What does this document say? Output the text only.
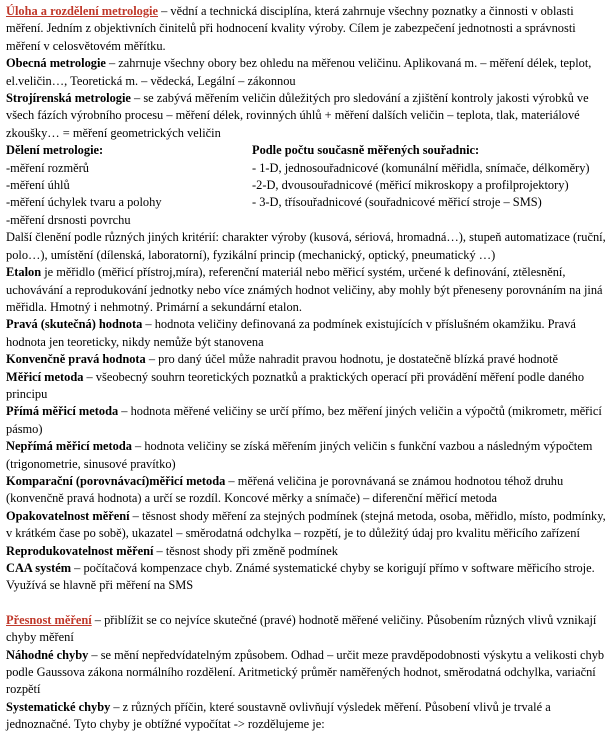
Úloha a rozdělení metrologie – vědní a technická disciplína, která zahrnuje všechny poznatky a činnosti v oblasti měření. Jedním z objektivních činitelů při hodnocení kvality výroby. Cílem je zabezpečení jednotnosti a správnosti měření v celosvětovém měřítku.

Obecná metrologie – zahrnuje všechny obory bez ohledu na měřenou veličinu. Aplikovaná m. – měření délek, teplot, el.veličin…, Teoretická m. – vědecká, Legální – zákonnou

Strojírenská metrologie – se zabývá měřením veličin důležitých pro sledování a zjištění kontroly jakosti výrobků ve všech fázích výrobního procesu – měření délek, rovinných úhlů + měření dalších veličin – teplota, tlak, materiálové zkoušky… = měření geometrických veličin

Dělení metrologie:

-měření rozměrů

-měření úhlů

-měření úchylek tvaru a polohy

-měření drsnosti povrchu

Podle počtu současně měřených souřadnic:

- 1-D, jednosouřadnicové (komunální měřidla, snímače, délkoměry)

-2-D, dvousouřadnicové (měřicí mikroskopy a profilprojektory)

- 3-D, třísouřadnicové (souřadnicové měřicí stroje – SMS)

Další členění podle různých jiných kritérií: charakter výroby (kusová, sériová, hromadná…), stupeň automatizace (ruční, polo…), umístění (dílenská, laboratorní), fyzikální princip (mechanický, optický, pneumatický …)

Etalon je měřidlo (měřicí přístroj,míra), referenční materiál nebo měřicí systém, určené k definování, ztělesnění, uchovávání a reprodukování jednotky nebo více známých hodnot veličiny, aby mohly být přeneseny porovnáním na jiná měřidla. Hmotný i nehmotný. Primární a sekundární etalon.

Pravá (skutečná) hodnota – hodnota veličiny definovaná za podmínek existujících v příslušném okamžiku. Pravá hodnota jen teoreticky, nikdy nemůže být stanovena

Konvenčně pravá hodnota – pro daný účel může nahradit pravou hodnotu, je dostatečně blízká pravé hodnotě

Měřicí metoda – všeobecný souhrn teoretických poznatků a praktických operací při provádění měření podle daného principu

Přímá měřicí metoda – hodnota měřené veličiny se určí přímo, bez měření jiných veličin a výpočtů (mikrometr, měřicí pásmo)

Nepřímá měřicí metoda – hodnota veličiny se získá měřením jiných veličin s funkční vazbou a následným výpočtem (trigonometrie, sinusové pravítko)

Komparační (porovnávací)měřicí metoda – měřená veličina je porovnávaná se známou hodnotou téhož druhu (konvenčně pravá hodnota) a určí se rozdíl. Koncové měrky a snímače) – diferenční měřicí metoda

Opakovatelnost měření – těsnost shody měření za stejných podmínek (stejná metoda, osoba, měřidlo, místo, podmínky, v krátkém čase po sobě), ukazatel – směrodatná odchylka – rozpětí, je to důležitý údaj pro kvalitu měřicího zařízení

Reprodukovatelnost měření – těsnost shody při změně podmínek

CAA systém – počítačová kompenzace chyb. Známé systematické chyby se korigují přímo v software měřicího stroje. Využívá se hlavně při měření na SMS

Přesnost měření – přiblížit se co nejvíce skutečné (pravé) hodnotě měřené veličiny. Působením různých vlivů vznikají chyby měření

Náhodné chyby – se mění nepředvídatelným způsobem. Odhad – určit meze pravděpodobnosti výskytu a velikosti chyb podle Gaussova zákona normálního rozdělení. Aritmetický průměr naměřených hodnot, směrodatná odchylka, variační rozpětí

Systematické chyby – z různých příčin, které soustavně ovlivňují výsledek měření. Působení vlivů je trvalé a jednoznačné. Tyto chyby je obtížné vypočítat -> rozdělujeme je:
